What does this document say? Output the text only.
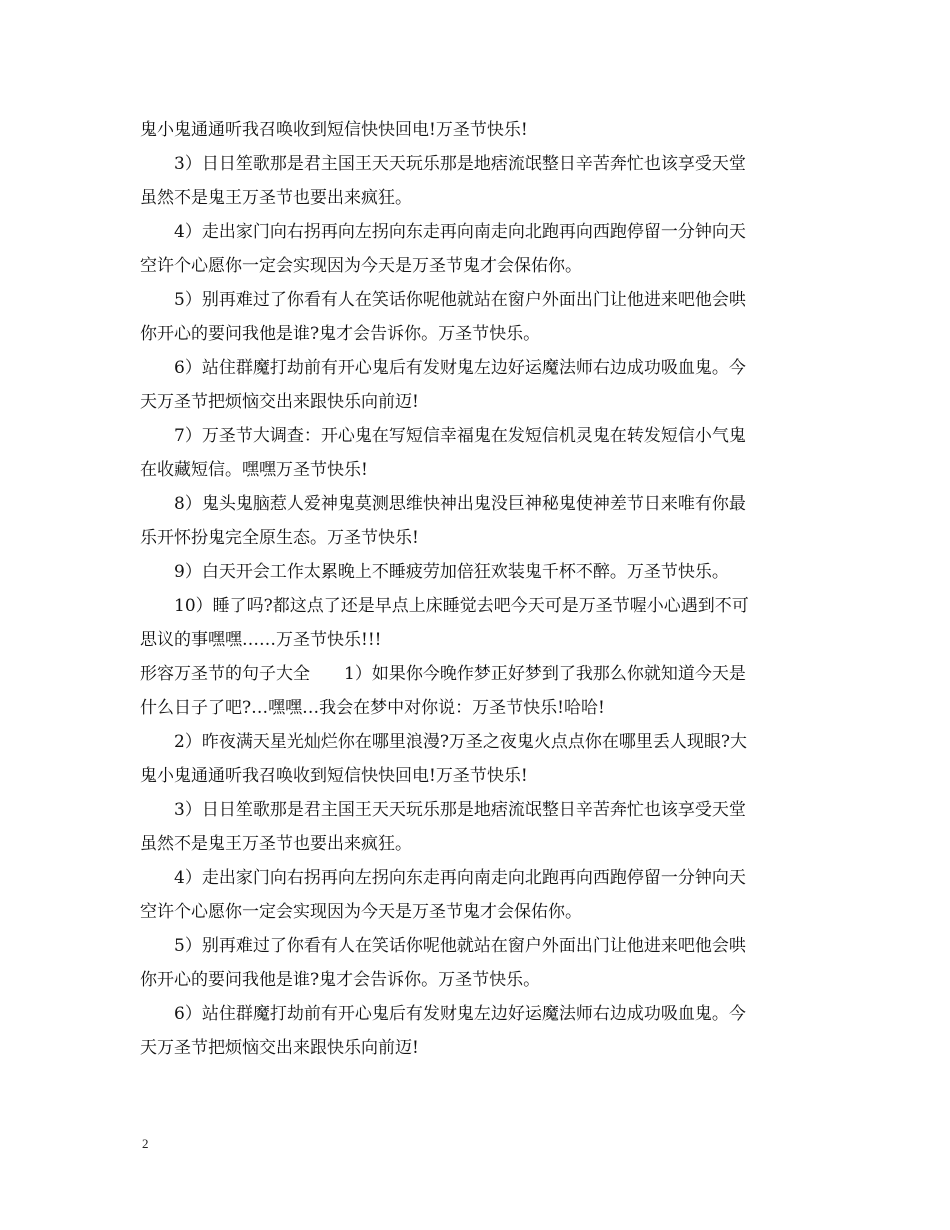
鬼小鬼通通听我召唤收到短信快快回电!万圣节快乐!
3）日日笙歌那是君主国王天天玩乐那是地痞流氓整日辛苦奔忙也该享受天堂
虽然不是鬼王万圣节也要出来疯狂。
4）走出家门向右拐再向左拐向东走再向南走向北跑再向西跑停留一分钟向天
空许个心愿你一定会实现因为今天是万圣节鬼才会保佑你。
5）别再难过了你看有人在笑话你呢他就站在窗户外面出门让他进来吧他会哄
你开心的要问我他是谁?鬼才会告诉你。万圣节快乐。
6）站住群魔打劫前有开心鬼后有发财鬼左边好运魔法师右边成功吸血鬼。今
天万圣节把烦恼交出来跟快乐向前迈!
7）万圣节大调查：开心鬼在写短信幸福鬼在发短信机灵鬼在转发短信小气鬼
在收藏短信。嘿嘿万圣节快乐!
8）鬼头鬼脑惹人爱神鬼莫测思维快神出鬼没巨神秘鬼使神差节日来唯有你最
乐开怀扮鬼完全原生态。万圣节快乐!
9）白天开会工作太累晚上不睡疲劳加倍狂欢装鬼千杯不醉。万圣节快乐。
10）睡了吗?都这点了还是早点上床睡觉去吧今天可是万圣节喔小心遇到不可
思议的事嘿嘿……万圣节快乐!!!
形容万圣节的句子大全　　1）如果你今晚作梦正好梦到了我那么你就知道今天是
什么日子了吧?…嘿嘿…我会在梦中对你说：万圣节快乐!哈哈!
2）昨夜满天星光灿烂你在哪里浪漫?万圣之夜鬼火点点你在哪里丢人现眼?大
鬼小鬼通通听我召唤收到短信快快回电!万圣节快乐!
3）日日笙歌那是君主国王天天玩乐那是地痞流氓整日辛苦奔忙也该享受天堂
虽然不是鬼王万圣节也要出来疯狂。
4）走出家门向右拐再向左拐向东走再向南走向北跑再向西跑停留一分钟向天
空许个心愿你一定会实现因为今天是万圣节鬼才会保佑你。
5）别再难过了你看有人在笑话你呢他就站在窗户外面出门让他进来吧他会哄
你开心的要问我他是谁?鬼才会告诉你。万圣节快乐。
6）站住群魔打劫前有开心鬼后有发财鬼左边好运魔法师右边成功吸血鬼。今
天万圣节把烦恼交出来跟快乐向前迈!
2
